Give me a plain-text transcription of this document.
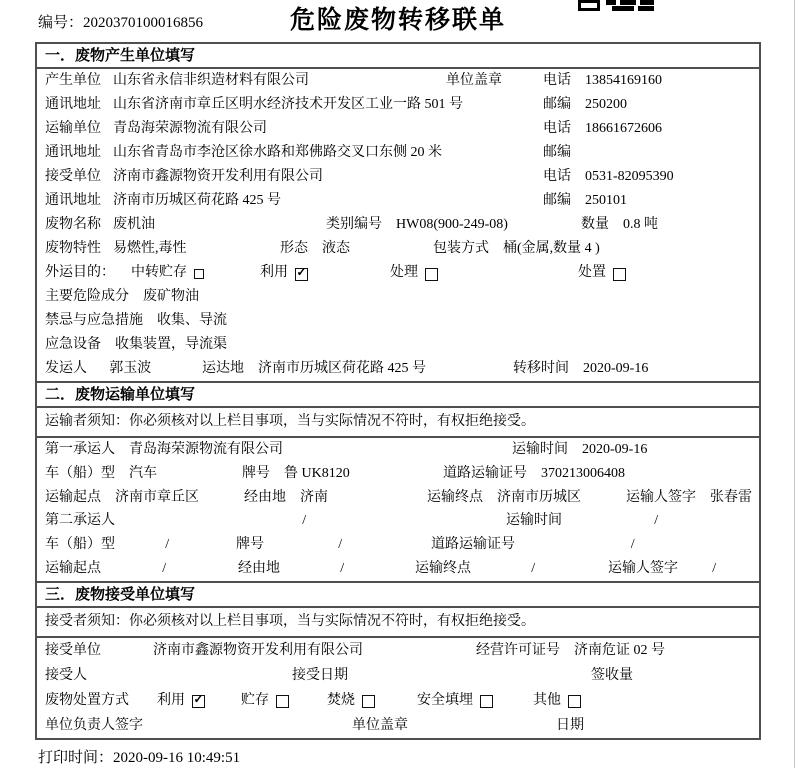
编号：2020370100016856	危险废物转移联单
一．废物产生单位填写
产生单位 山东省永信非织造材料有限公司	单位盖章	电话	13854169160
通讯地址 山东省济南市章丘区明水经济技术开发区工业一路 501 号	邮编	250200
运输单位 青岛海荣源物流有限公司	电话	18661672606
通讯地址 山东省青岛市李沧区徐水路和郑佛路交叉口东侧 20 米	邮编
接受单位 济南市鑫源物资开发利用有限公司	电话	0531-82095390
通讯地址 济南市历城区荷花路 425 号	邮编	250101
废物名称 废机油	类别编号	HW08(900-249-08)	数量	0.8 吨
废物特性 易燃性,毒性	形态	液态	包装方式	桶(金属,数量 4 )
外运目的： 中转贮存	利用 ✓	处理	处置
主要危险成分	废矿物油
禁忌与应急措施	收集、导流
应急设备	收集装置，导流渠
发运人	郭玉波	运达地	济南市历城区荷花路 425 号	转移时间	2020-09-16
二．废物运输单位填写
运输者须知：你必须核对以上栏目事项，当与实际情况不符时，有权拒绝接受。
第一承运人	青岛海荣源物流有限公司	运输时间	2020-09-16
车（船）型	汽车	牌号	鲁 UK8120	道路运输证号	370213006408
运输起点	济南市章丘区	经由地	济南	运输终点	济南市历城区	运输人签字	张春雷
第二承运人	/	运输时间	/
车（船）型	/	牌号	/	道路运输证号	/
运输起点	/	经由地	/	运输终点	/	运输人签字	/
三．废物接受单位填写
接受者须知：你必须核对以上栏目事项，当与实际情况不符时，有权拒绝接受。
接受单位	济南市鑫源物资开发利用有限公司	经营许可证号	济南危证 02 号
接受人	接受日期	签收量
废物处置方式 利用 ✓	贮存	焚烧	安全填埋	其他
单位负责人签字	单位盖章	日期
打印时间：2020-09-16 10:49:51
